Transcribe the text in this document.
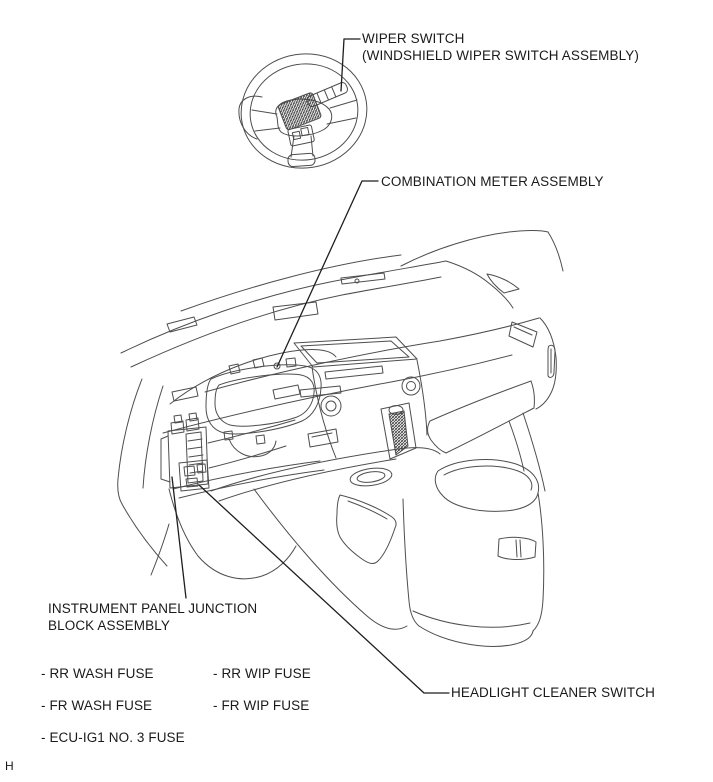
WIPER SWITCH
(WINDSHIELD WIPER SWITCH ASSEMBLY)
COMBINATION METER ASSEMBLY
INSTRUMENT PANEL JUNCTION
BLOCK ASSEMBLY
HEADLIGHT CLEANER SWITCH
- RR WASH FUSE	- RR WIP FUSE
- FR WASH FUSE	- FR WIP FUSE
- ECU-IG1 NO. 3 FUSE
H
